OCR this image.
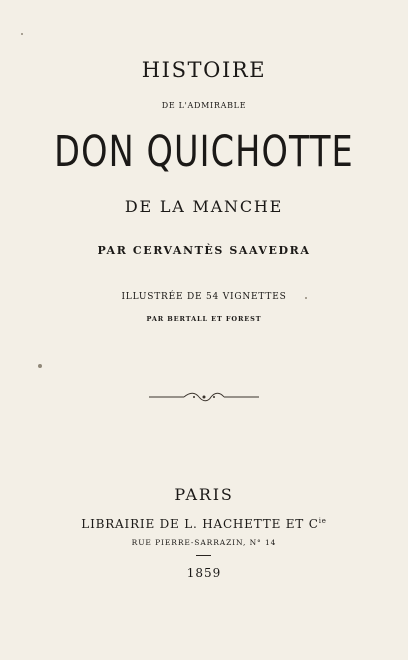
HISTOIRE
DE L'ADMIRABLE
DON QUICHOTTE
DE LA MANCHE
PAR CERVANTÈS SAAVEDRA
ILLUSTRÉE DE 54 VIGNETTES
PAR BERTALL ET FOREST
PARIS
LIBRAIRIE DE L. HACHETTE ET $C^{ie}$
RUE PIERRE-SARRAZIN, N° 14
1859
